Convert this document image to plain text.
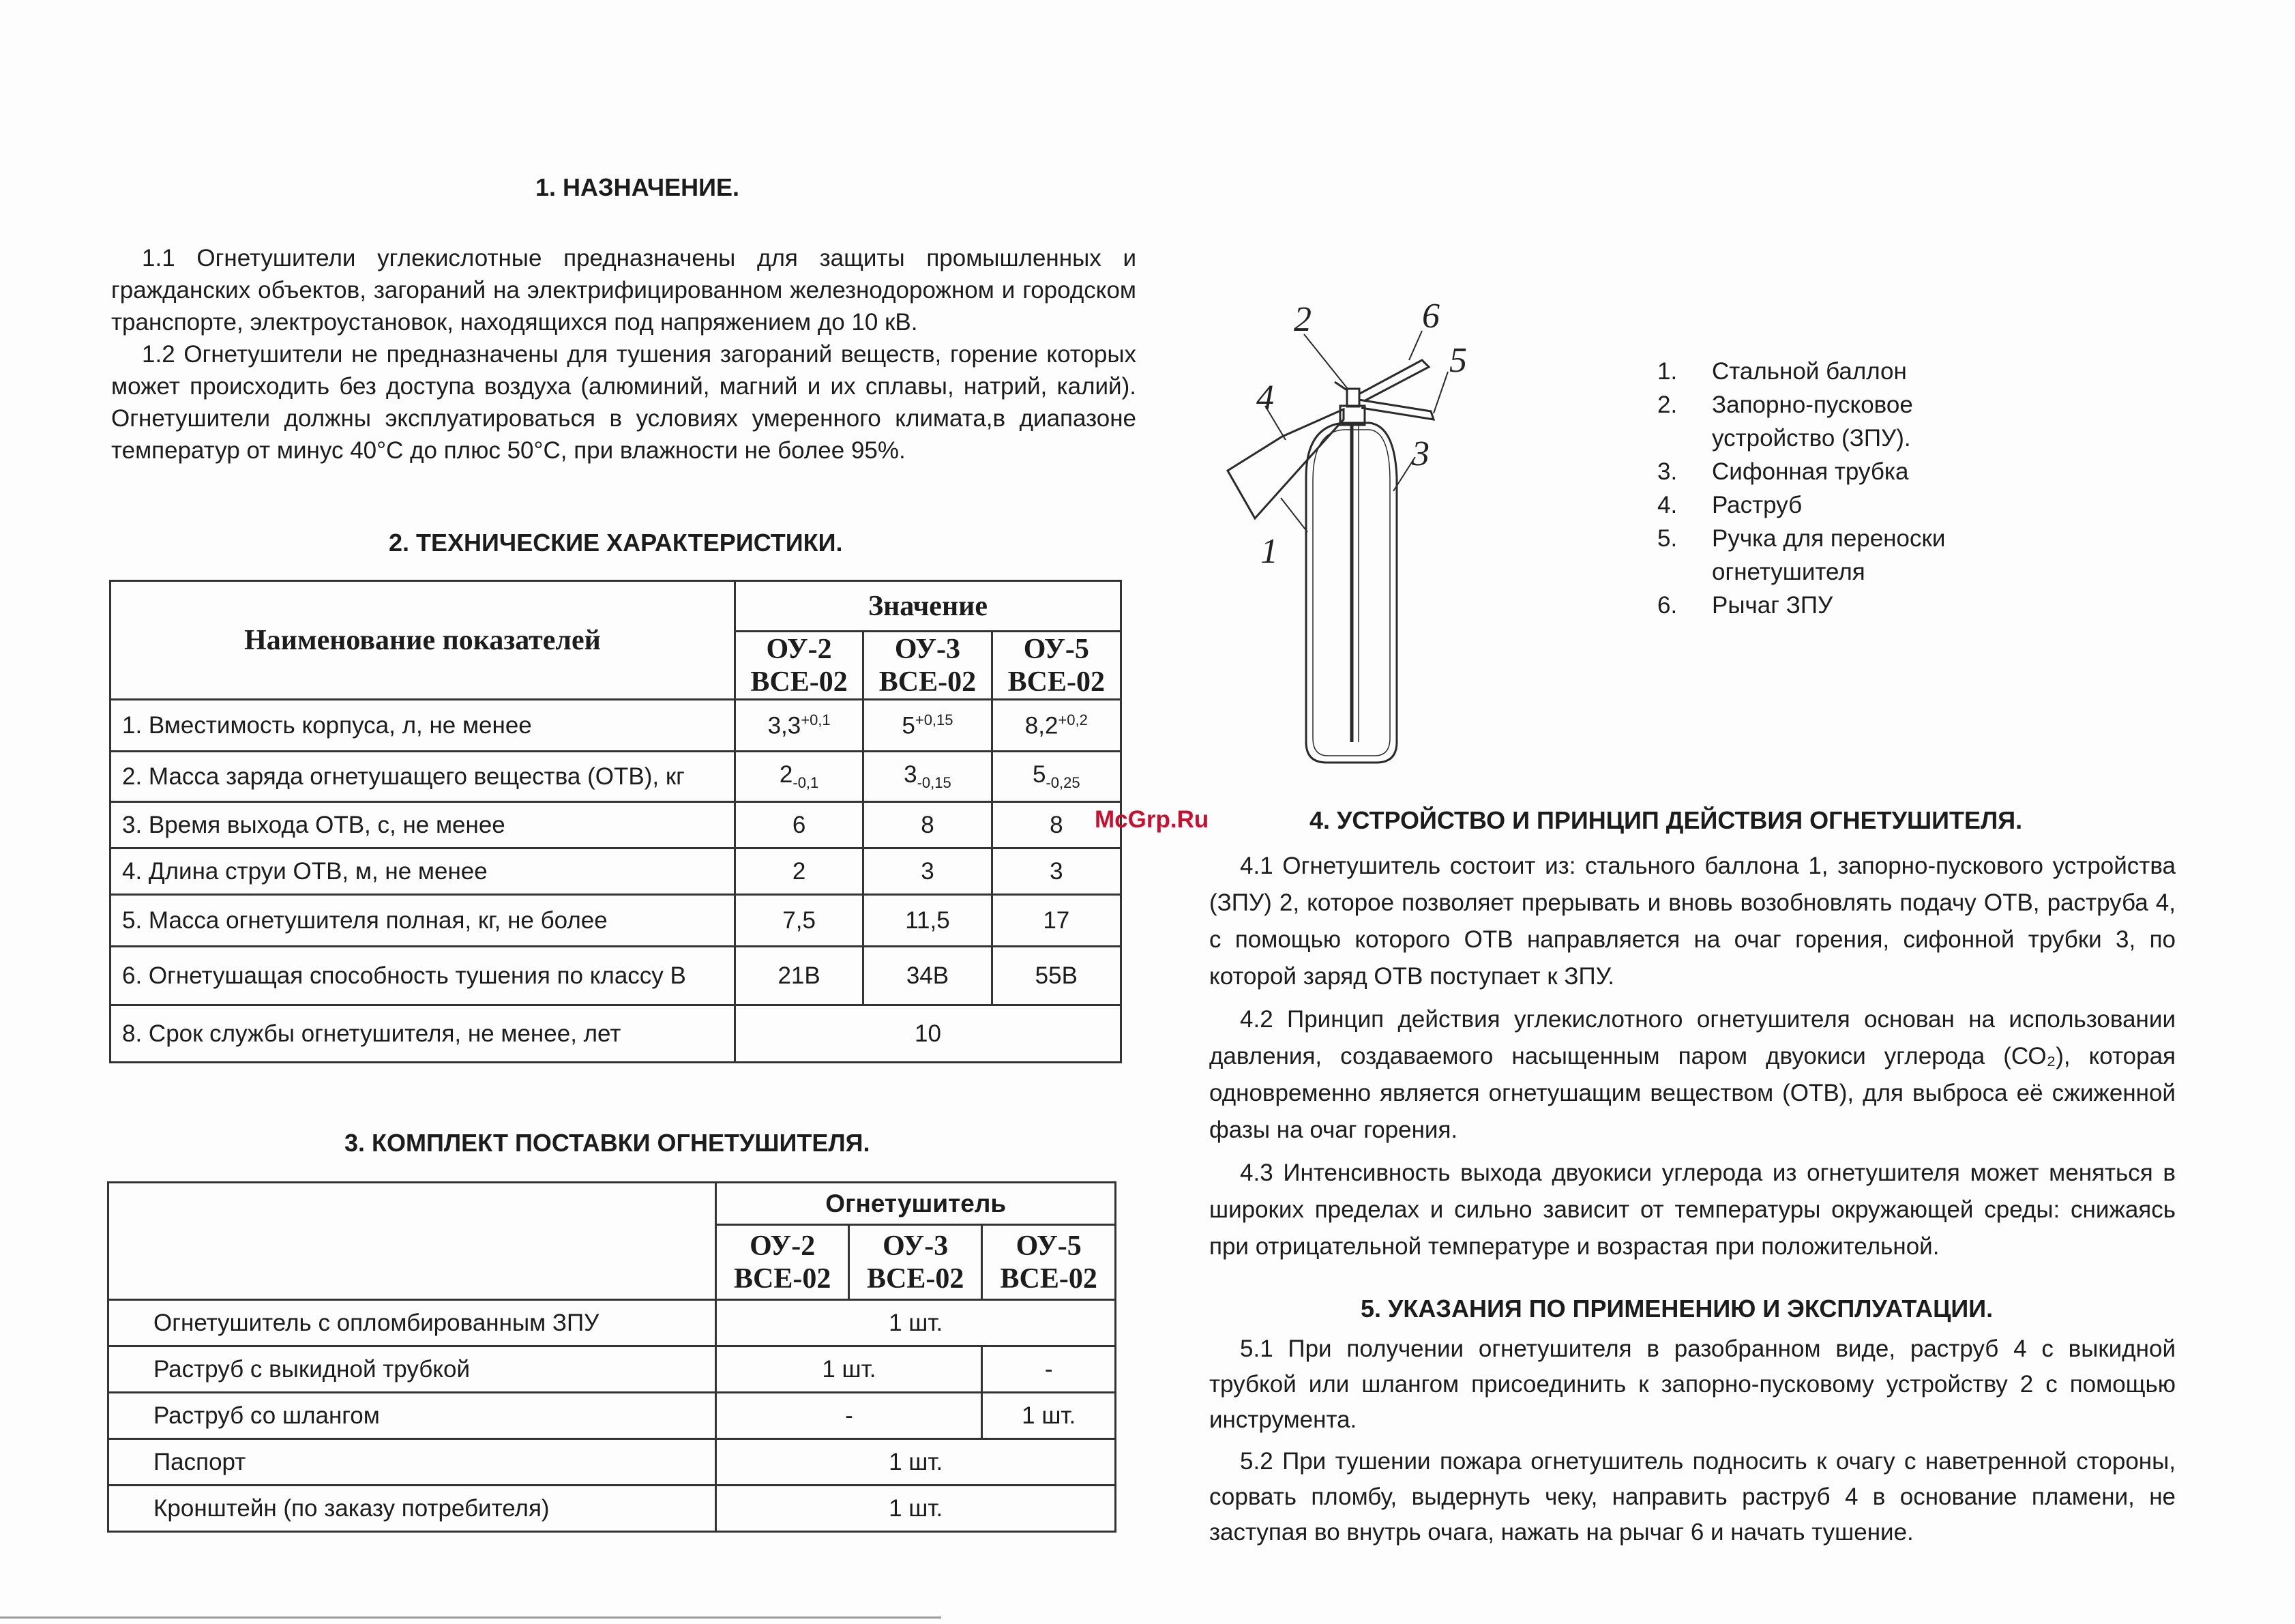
1. НАЗНАЧЕНИЕ.

1.1 Огнетушители углекислотные предназначены для защиты промышленных и гражданских объектов, загораний на электрифицированном железнодорожном и городском транспорте, электроустановок, находящихся под напряжением до 10 кВ.

1.2 Огнетушители не предназначены для тушения загораний веществ, горение которых может происходить без доступа воздуха (алюминий, магний и их сплавы, натрий, калий). Огнетушители должны эксплуатироваться в условиях умеренного климата,в диапазоне температур от минус 40°С до плюс 50°С, при влажности не более 95%.

2. ТЕХНИЧЕСКИЕ ХАРАКТЕРИСТИКИ.
Наименование показателей	Значение		
	ОУ-2 ВСЕ-02	ОУ-3 ВСЕ-02	ОУ-5 ВСЕ-02
1. Вместимость корпуса, л, не менее	$3,3^{+0,1}$	$5^{+0,15}$	$8,2^{+0,2}$
2. Масса заряда огнетушащего вещества (ОТВ), кг	$2_{-0,1}$	$3_{-0,15}$	$5_{-0,25}$
3. Время выхода ОТВ, с, не менее	6	8	8
4. Длина струи ОТВ, м, не менее	2	3	3
5. Масса огнетушителя полная, кг, не более	7,5	11,5	17
6. Огнетушащая способность тушения по классу В	21В	34В	55В
8. Срок службы огнетушителя, не менее, лет	10		
3. КОМПЛЕКТ ПОСТАВКИ ОГНЕТУШИТЕЛЯ.
	Огнетушитель		
	ОУ-2 ВСЕ-02	ОУ-3 ВСЕ-02	ОУ-5 ВСЕ-02
Огнетушитель с опломбированным ЗПУ	1 шт.		
Раструб с выкидной трубкой	1 шт.		-
Раструб со шлангом	-		1 шт.
Паспорт	1 шт.		
Кронштейн (по заказу потребителя)	1 шт.		
1
2
3
4
5
6
1. Стальной баллон
2. Запорно-пусковое
устройство (ЗПУ).
3. Сифонная трубка
4. Раструб
5. Ручка для переноски
огнетушителя
6. Рычаг ЗПУ
McGrp.Ru	4. УСТРОЙСТВО И ПРИНЦИП ДЕЙСТВИЯ ОГНЕТУШИТЕЛЯ.

4.1 Огнетушитель состоит из: стального баллона 1, запорно-пускового устройства (ЗПУ) 2, которое позволяет прерывать и вновь возобновлять подачу ОТВ, раструба 4, с помощью которого ОТВ направляется на очаг горения, сифонной трубки 3, по которой заряд ОТВ поступает к ЗПУ.

4.2 Принцип действия углекислотного огнетушителя основан на использовании давления, создаваемого насыщенным паром двуокиси углерода (СО₂), которая одновременно является огнетушащим веществом (ОТВ), для выброса её сжиженной фазы на очаг горения.

4.3 Интенсивность выхода двуокиси углерода из огнетушителя может меняться в широких пределах и сильно зависит от температуры окружающей среды: снижаясь при отрицательной температуре и возрастая при положительной.

5. УКАЗАНИЯ ПО ПРИМЕНЕНИЮ И ЭКСПЛУАТАЦИИ.

5.1 При получении огнетушителя в разобранном виде, раструб 4 с выкидной трубкой или шлангом присоединить к запорно-пусковому устройству 2 с помощью инструмента.

5.2 При тушении пожара огнетушитель подносить к очагу с наветренной стороны, сорвать пломбу, выдернуть чеку, направить раструб 4 в основание пламени, не заступая во внутрь очага, нажать на рычаг 6 и начать тушение.
